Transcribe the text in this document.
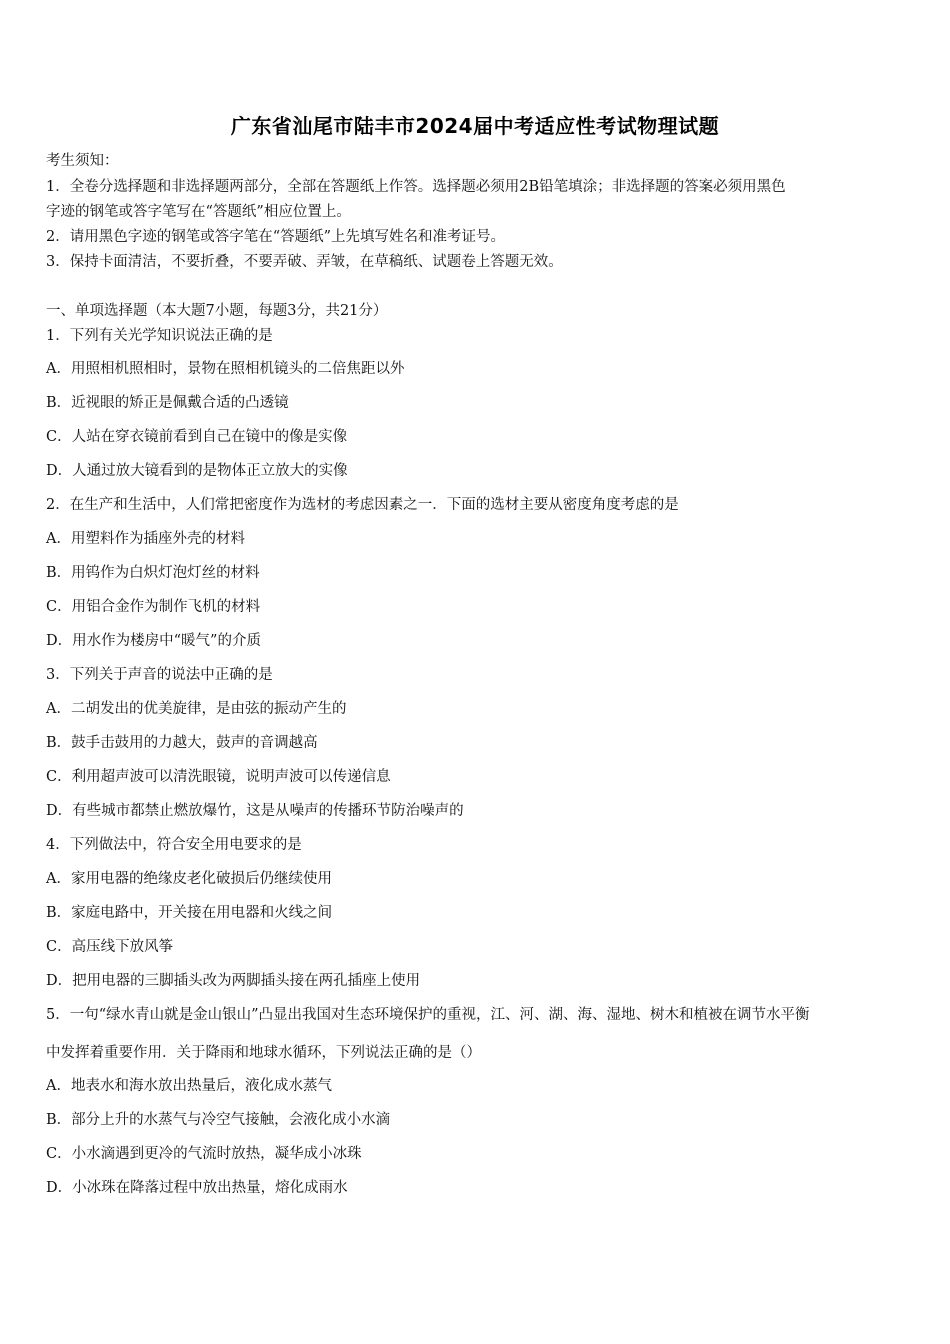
广东省汕尾市陆丰市2024届中考适应性考试物理试题
考生须知：
1．全卷分选择题和非选择题两部分，全部在答题纸上作答。选择题必须用2B铅笔填涂；非选择题的答案必须用黑色
字迹的钢笔或答字笔写在“答题纸”相应位置上。
2．请用黑色字迹的钢笔或答字笔在“答题纸”上先填写姓名和准考证号。
3．保持卡面清洁，不要折叠，不要弄破、弄皱，在草稿纸、试题卷上答题无效。
一、单项选择题（本大题7小题，每题3分，共21分）
1．下列有关光学知识说法正确的是
A．用照相机照相时，景物在照相机镜头的二倍焦距以外
B．近视眼的矫正是佩戴合适的凸透镜
C．人站在穿衣镜前看到自己在镜中的像是实像
D．人通过放大镜看到的是物体正立放大的实像
2．在生产和生活中，人们常把密度作为选材的考虑因素之一．下面的选材主要从密度角度考虑的是
A．用塑料作为插座外壳的材料
B．用钨作为白炽灯泡灯丝的材料
C．用铝合金作为制作飞机的材料
D．用水作为楼房中“暖气”的介质
3．下列关于声音的说法中正确的是
A．二胡发出的优美旋律，是由弦的振动产生的
B．鼓手击鼓用的力越大，鼓声的音调越高
C．利用超声波可以清洗眼镜，说明声波可以传递信息
D．有些城市都禁止燃放爆竹，这是从噪声的传播环节防治噪声的
4．下列做法中，符合安全用电要求的是
A．家用电器的绝缘皮老化破损后仍继续使用
B．家庭电路中，开关接在用电器和火线之间
C．高压线下放风筝
D．把用电器的三脚插头改为两脚插头接在两孔插座上使用
5．一句“绿水青山就是金山银山”凸显出我国对生态环境保护的重视，江、河、湖、海、湿地、树木和植被在调节水平衡
中发挥着重要作用．关于降雨和地球水循环，下列说法正确的是（）
A．地表水和海水放出热量后，液化成水蒸气
B．部分上升的水蒸气与冷空气接触，会液化成小水滴
C．小水滴遇到更冷的气流时放热，凝华成小冰珠
D．小冰珠在降落过程中放出热量，熔化成雨水
